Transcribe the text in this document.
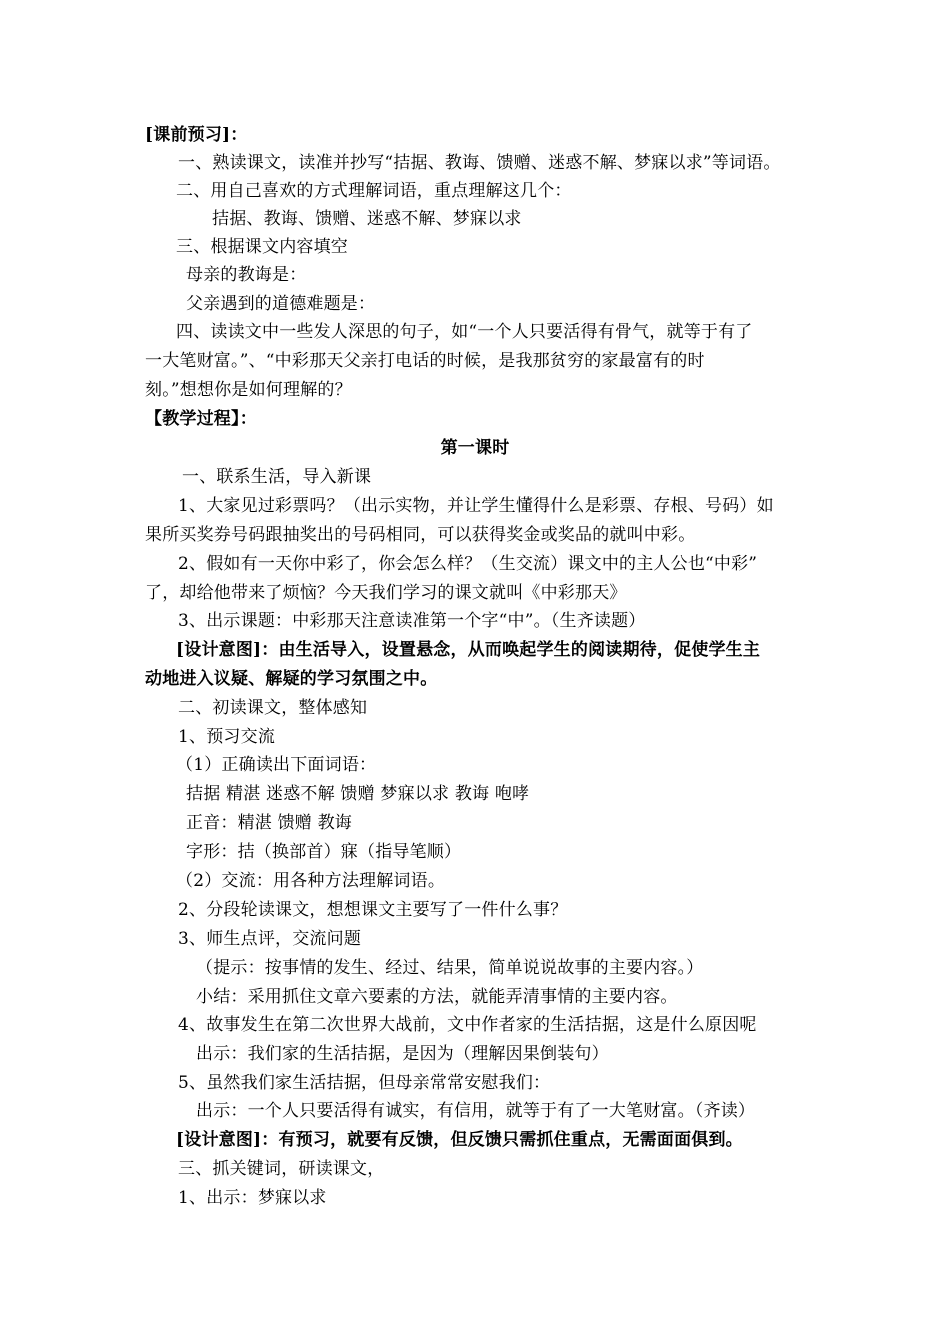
[课前预习]：
一、熟读课文，读准并抄写“拮据、教诲、馈赠、迷惑不解、梦寐以求”等词语。
二、用自己喜欢的方式理解词语，重点理解这几个：
拮据、教诲、馈赠、迷惑不解、梦寐以求
三、根据课文内容填空
母亲的教诲是：
父亲遇到的道德难题是：
四、读读文中一些发人深思的句子，如“一个人只要活得有骨气，就等于有了
一大笔财富。”、“中彩那天父亲打电话的时候，是我那贫穷的家最富有的时
刻。”想想你是如何理解的？
【教学过程】：
第一课时
一、联系生活，导入新课
1、大家见过彩票吗？（出示实物，并让学生懂得什么是彩票、存根、号码）如
果所买奖券号码跟抽奖出的号码相同，可以获得奖金或奖品的就叫中彩。
2、假如有一天你中彩了，你会怎么样？（生交流）课文中的主人公也“中彩”
了，却给他带来了烦恼？今天我们学习的课文就叫《中彩那天》
3、出示课题：中彩那天注意读准第一个字“中”。（生齐读题）
[设计意图]：由生活导入，设置悬念，从而唤起学生的阅读期待，促使学生主
动地进入议疑、解疑的学习氛围之中。
二、初读课文，整体感知
1、预习交流
（1）正确读出下面词语：
拮据 精湛 迷惑不解 馈赠 梦寐以求 教诲 咆哮
正音：精湛 馈赠 教诲
字形：拮（换部首）寐（指导笔顺）
（2）交流：用各种方法理解词语。
2、分段轮读课文，想想课文主要写了一件什么事？
3、师生点评，交流问题
（提示：按事情的发生、经过、结果，简单说说故事的主要内容。）
小结：采用抓住文章六要素的方法，就能弄清事情的主要内容。
4、故事发生在第二次世界大战前，文中作者家的生活拮据，这是什么原因呢
出示：我们家的生活拮据，是因为（理解因果倒装句）
5、虽然我们家生活拮据，但母亲常常安慰我们：
出示：一个人只要活得有诚实，有信用，就等于有了一大笔财富。（齐读）
[设计意图]：有预习，就要有反馈，但反馈只需抓住重点，无需面面俱到。
三、抓关键词，研读课文，
1、出示：梦寐以求
